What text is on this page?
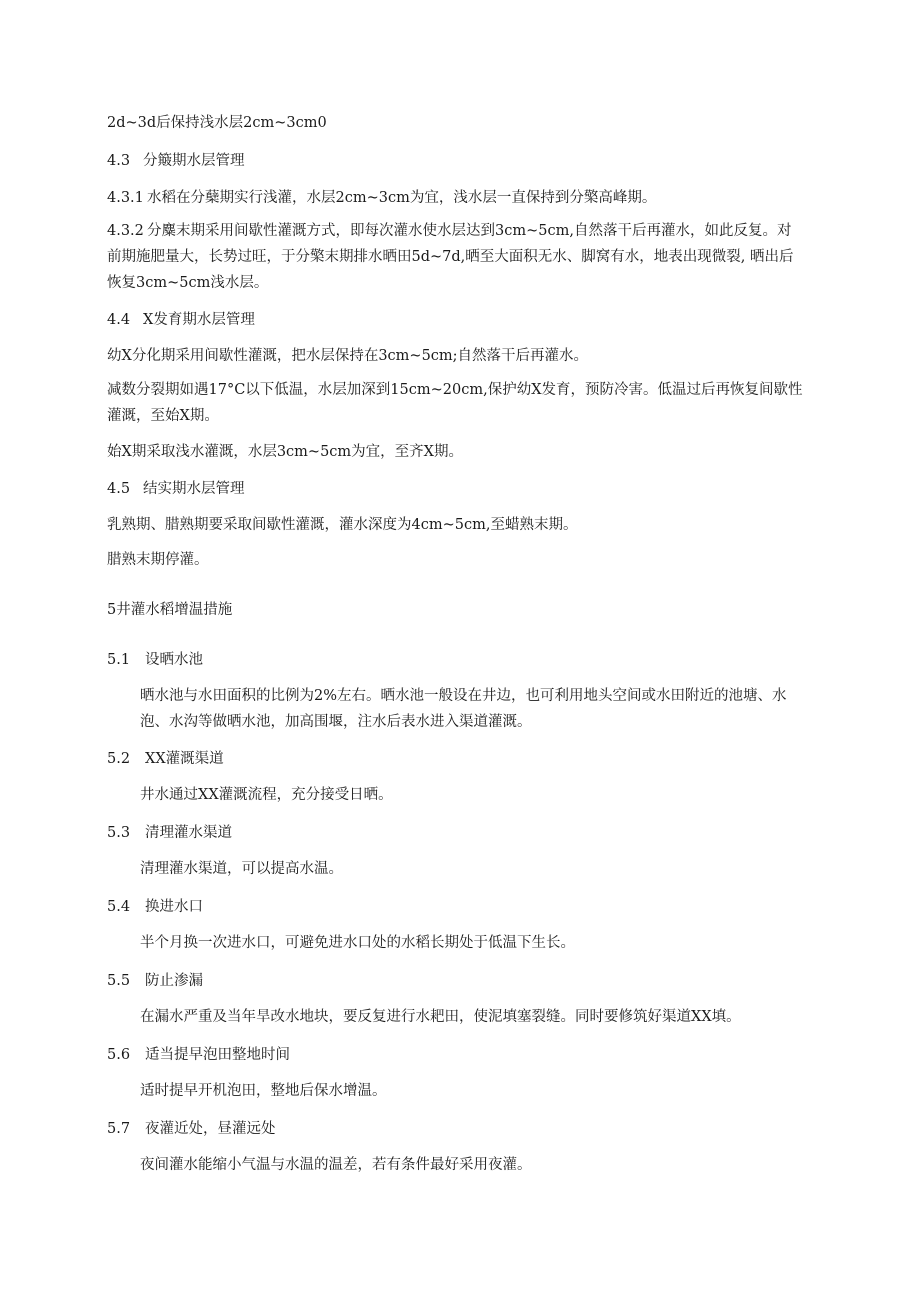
2d~3d后保持浅水层2cm~3cm0
4.3 分簸期水层管理
4.3.1 水稻在分蘖期实行浅灌，水层2cm~3cm为宜，浅水层一直保持到分檠高峰期。
4.3.2 分麋末期采用间歇性灌溉方式，即每次灌水使水层达到3cm~5cm,自然落干后再灌水，如此反复。对
前期施肥量大，长势过旺，于分檠末期排水晒田5d~7d,晒至大面积无水、脚窝有水，地表出现微裂, 晒出后
恢复3cm~5cm浅水层。
4.4 X发育期水层管理
幼X分化期采用间歇性灌溉，把水层保持在3cm~5cm;自然落干后再灌水。
减数分裂期如遇17°C以下低温，水层加深到15cm~20cm,保护幼X发育，预防冷害。低温过后再恢复间歇性
灌溉，至始X期。
始X期采取浅水灌溉，水层3cm~5cm为宜，至齐X期。
4.5 结实期水层管理
乳熟期、腊熟期要采取间歇性灌溉，灌水深度为4cm~5cm,至蜡熟末期。
腊熟末期停灌。
5井灌水稻增温措施
5.1 设晒水池
晒水池与水田面积的比例为2%左右。晒水池一般设在井边，也可利用地头空间或水田附近的池塘、水
泡、水沟等做晒水池，加高围堰，注水后表水进入渠道灌溉。
5.2 XX灌溉渠道
井水通过XX灌溉流程，充分接受日晒。
5.3 清理灌水渠道
清理灌水渠道，可以提高水温。
5.4 换进水口
半个月换一次进水口，可避免进水口处的水稻长期处于低温下生长。
5.5 防止渗漏
在漏水严重及当年旱改水地块，要反复进行水耙田，使泥填塞裂缝。同时要修筑好渠道XX填。
5.6 适当提早泡田整地时间
适时提早开机泡田，整地后保水增温。
5.7 夜灌近处，昼灌远处
夜间灌水能缩小气温与水温的温差，若有条件最好采用夜灌。
